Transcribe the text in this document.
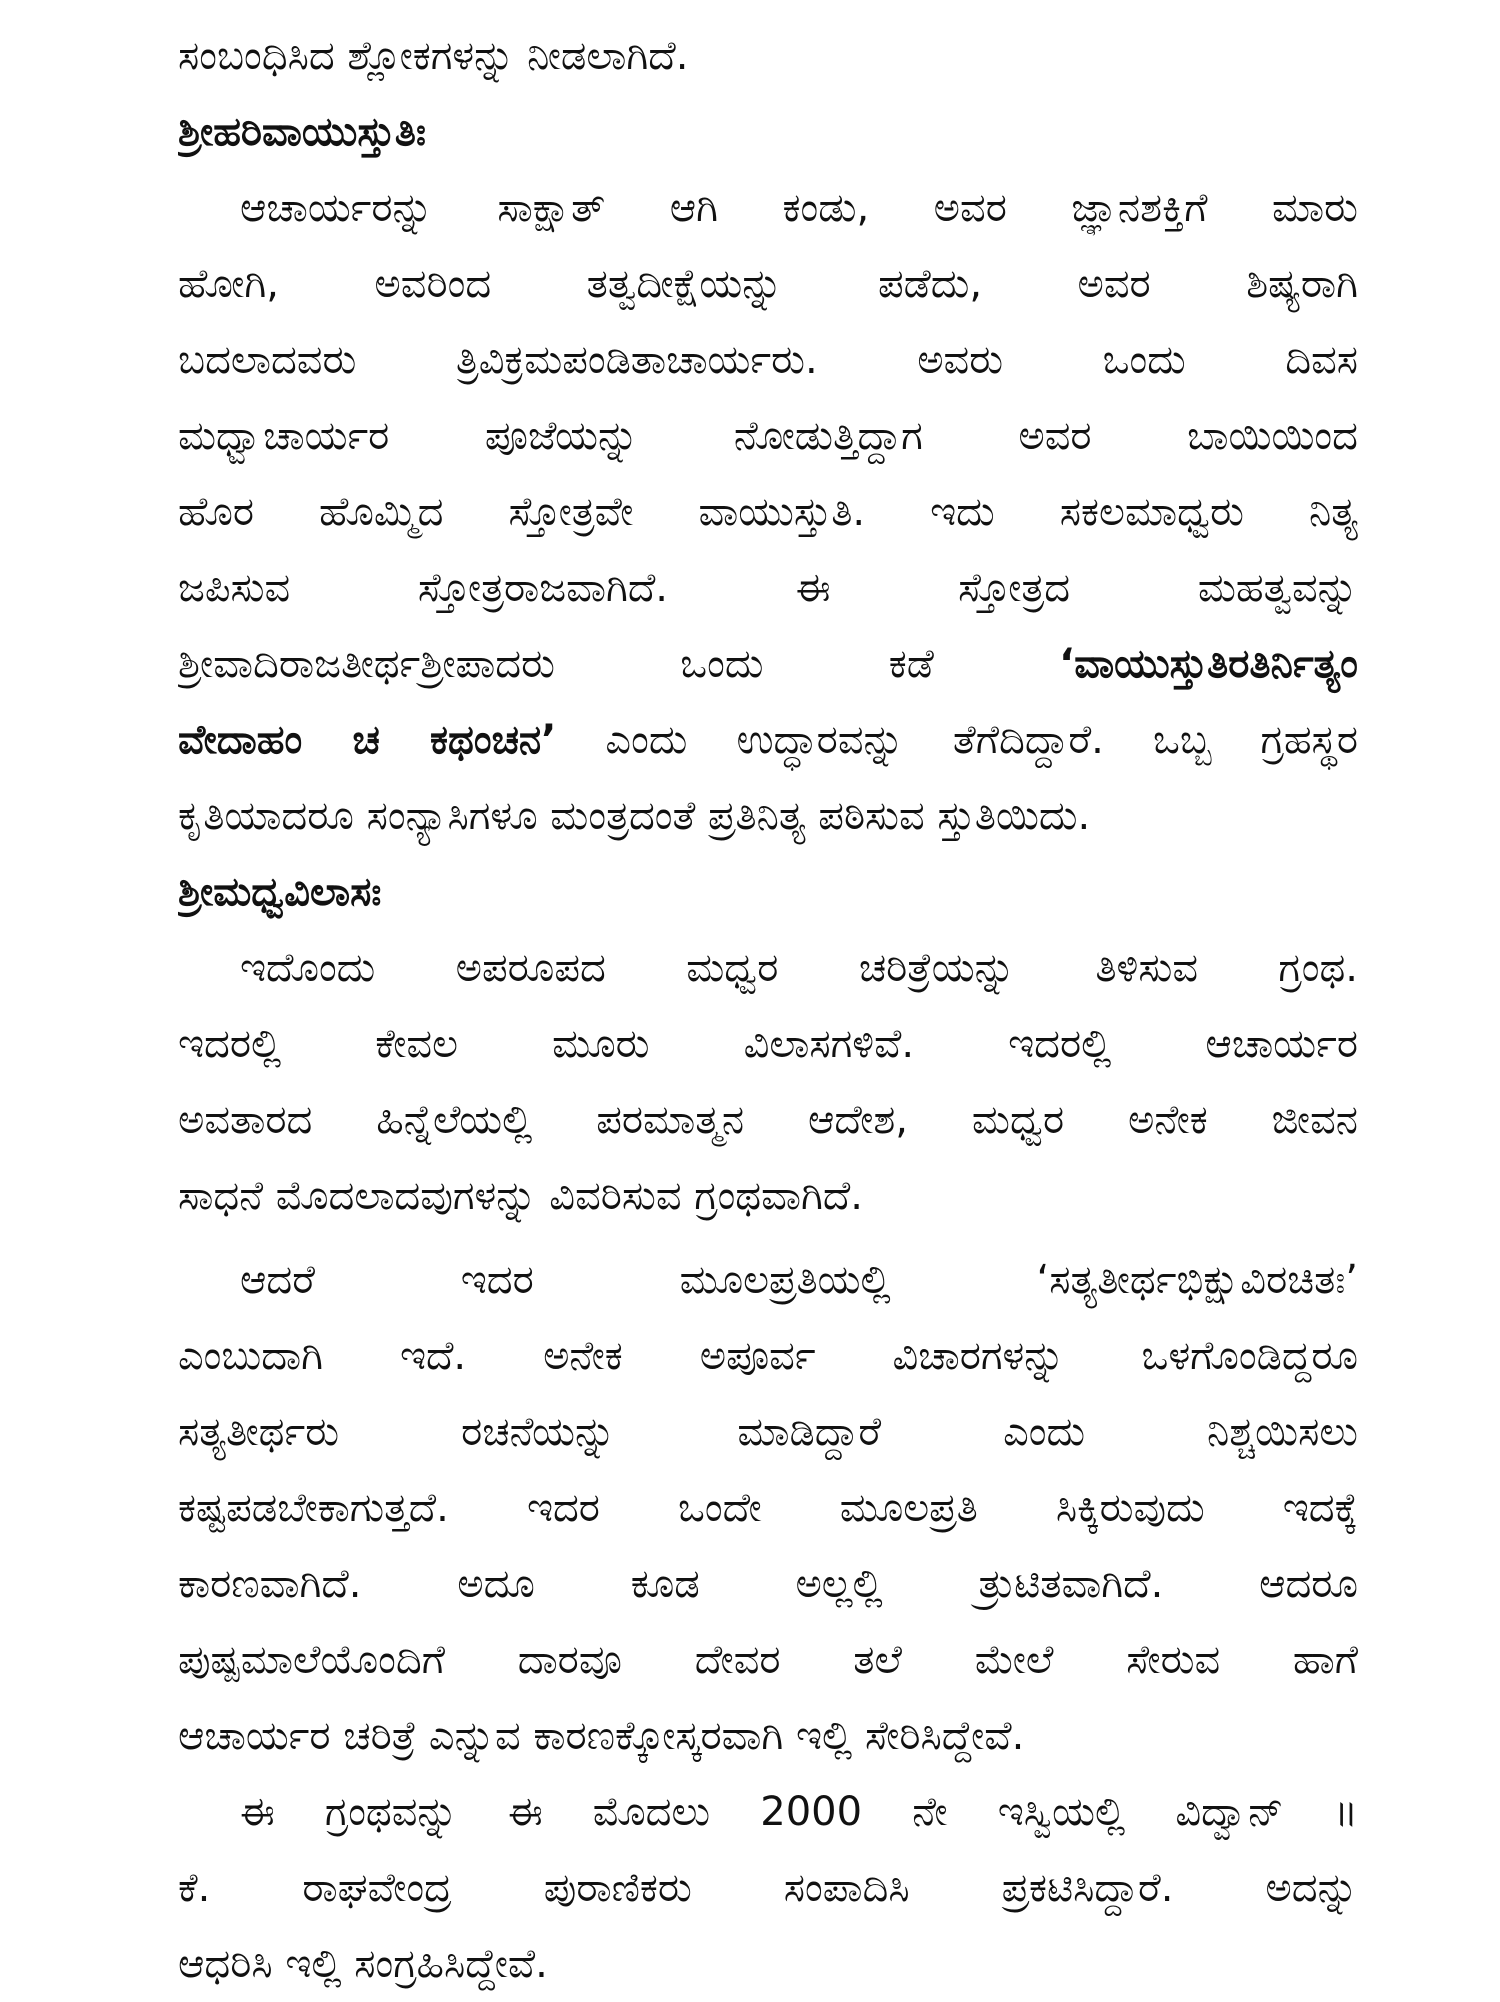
ಸಂಬಂಧಿಸಿದ ಶ್ಲೋಕಗಳನ್ನು ನೀಡಲಾಗಿದೆ.
ಶ್ರೀಹರಿವಾಯುಸ್ತುತಿಃ
ಆಚಾರ್ಯರನ್ನು ಸಾಕ್ಷಾತ್ ಆಗಿ ಕಂಡು, ಅವರ ಜ್ಞಾನಶಕ್ತಿಗೆ ಮಾರು
ಹೋಗಿ, ಅವರಿಂದ ತತ್ವದೀಕ್ಷೆಯನ್ನು ಪಡೆದು, ಅವರ ಶಿಷ್ಯರಾಗಿ
ಬದಲಾದವರು ತ್ರಿವಿಕ್ರಮಪಂಡಿತಾಚಾರ್ಯರು. ಅವರು ಒಂದು ದಿವಸ
ಮಧ್ವಾಚಾರ್ಯರ ಪೂಜೆಯನ್ನು ನೋಡುತ್ತಿದ್ದಾಗ ಅವರ ಬಾಯಿಯಿಂದ
ಹೊರ ಹೊಮ್ಮಿದ ಸ್ತೋತ್ರವೇ ವಾಯುಸ್ತುತಿ. ಇದು ಸಕಲಮಾಧ್ವರು ನಿತ್ಯ
ಜಪಿಸುವ ಸ್ತೋತ್ರರಾಜವಾಗಿದೆ. ಈ ಸ್ತೋತ್ರದ ಮಹತ್ವವನ್ನು
ಶ್ರೀವಾದಿರಾಜತೀರ್ಥಶ್ರೀಪಾದರು ಒಂದು ಕಡೆ ‘ವಾಯುಸ್ತುತಿರತಿರ್ನಿತ್ಯಂ
ವೇದಾಹಂ ಚ ಕಥಂಚನ’ ಎಂದು ಉದ್ಧಾರವನ್ನು ತೆಗೆದಿದ್ದಾರೆ. ಒಬ್ಬ ಗ್ರಹಸ್ಥರ
ಕೃತಿಯಾದರೂ ಸಂನ್ಯಾಸಿಗಳೂ ಮಂತ್ರದಂತೆ ಪ್ರತಿನಿತ್ಯ ಪಠಿಸುವ ಸ್ತುತಿಯಿದು.
ಶ್ರೀಮಧ್ವವಿಲಾಸಃ
ಇದೊಂದು ಅಪರೂಪದ ಮಧ್ವರ ಚರಿತ್ರೆಯನ್ನು ತಿಳಿಸುವ ಗ್ರಂಥ.
ಇದರಲ್ಲಿ ಕೇವಲ ಮೂರು ವಿಲಾಸಗಳಿವೆ. ಇದರಲ್ಲಿ ಆಚಾರ್ಯರ
ಅವತಾರದ ಹಿನ್ನೆಲೆಯಲ್ಲಿ ಪರಮಾತ್ಮನ ಆದೇಶ, ಮಧ್ವರ ಅನೇಕ ಜೀವನ
ಸಾಧನೆ ಮೊದಲಾದವುಗಳನ್ನು ವಿವರಿಸುವ ಗ್ರಂಥವಾಗಿದೆ.
ಆದರೆ ಇದರ ಮೂಲಪ್ರತಿಯಲ್ಲಿ ‘ಸತ್ಯತೀರ್ಥಭಿಕ್ಷುವಿರಚಿತಃ’
ಎಂಬುದಾಗಿ ಇದೆ. ಅನೇಕ ಅಪೂರ್ವ ವಿಚಾರಗಳನ್ನು ಒಳಗೊಂಡಿದ್ದರೂ
ಸತ್ಯತೀರ್ಥರು ರಚನೆಯನ್ನು ಮಾಡಿದ್ದಾರೆ ಎಂದು ನಿಶ್ಚಯಿಸಲು
ಕಷ್ಟಪಡಬೇಕಾಗುತ್ತದೆ. ಇದರ ಒಂದೇ ಮೂಲಪ್ರತಿ ಸಿಕ್ಕಿರುವುದು ಇದಕ್ಕೆ
ಕಾರಣವಾಗಿದೆ. ಅದೂ ಕೂಡ ಅಲ್ಲಲ್ಲಿ ತ್ರುಟಿತವಾಗಿದೆ. ಆದರೂ
ಪುಷ್ಪಮಾಲೆಯೊಂದಿಗೆ ದಾರವೂ ದೇವರ ತಲೆ ಮೇಲೆ ಸೇರುವ ಹಾಗೆ
ಆಚಾರ್ಯರ ಚರಿತ್ರೆ ಎನ್ನುವ ಕಾರಣಕ್ಕೋಸ್ಕರವಾಗಿ ಇಲ್ಲಿ ಸೇರಿಸಿದ್ದೇವೆ.
ಈ ಗ್ರಂಥವನ್ನು ಈ ಮೊದಲು 2000 ನೇ ಇಸ್ವಿಯಲ್ಲಿ ವಿದ್ವಾನ್ ॥
ಕೆ. ರಾಘವೇಂದ್ರ ಪುರಾಣಿಕರು ಸಂಪಾದಿಸಿ ಪ್ರಕಟಿಸಿದ್ದಾರೆ. ಅದನ್ನು
ಆಧರಿಸಿ ಇಲ್ಲಿ ಸಂಗ್ರಹಿಸಿದ್ದೇವೆ.
